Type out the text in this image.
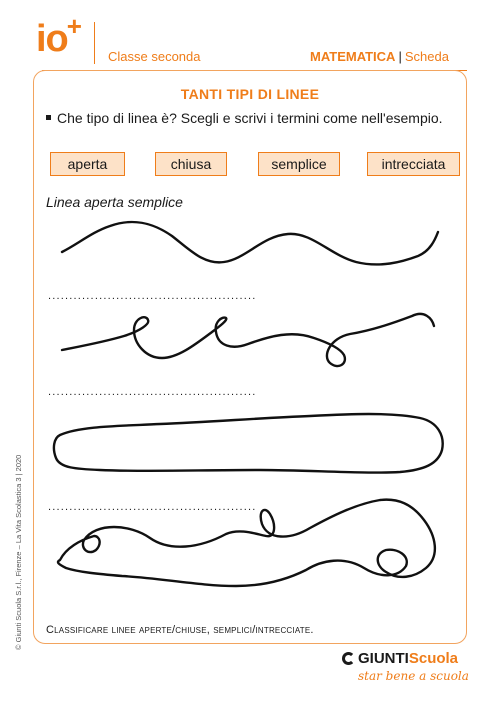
io+
Classe seconda	MATEMATICA | Scheda
TANTI TIPI DI LINEE
Che tipo di linea è? Scegli e scrivi i termini come nell'esempio.
aperta	chiusa	semplice	intrecciata
Linea aperta semplice
.................................................
.................................................
.................................................
Classificare linee aperte/chiuse, semplici/intrecciate.
© Giunti Scuola S.r.l., Firenze – La Vita Scolastica 3 | 2020
GIUNTI Scuola
star bene a scuola
